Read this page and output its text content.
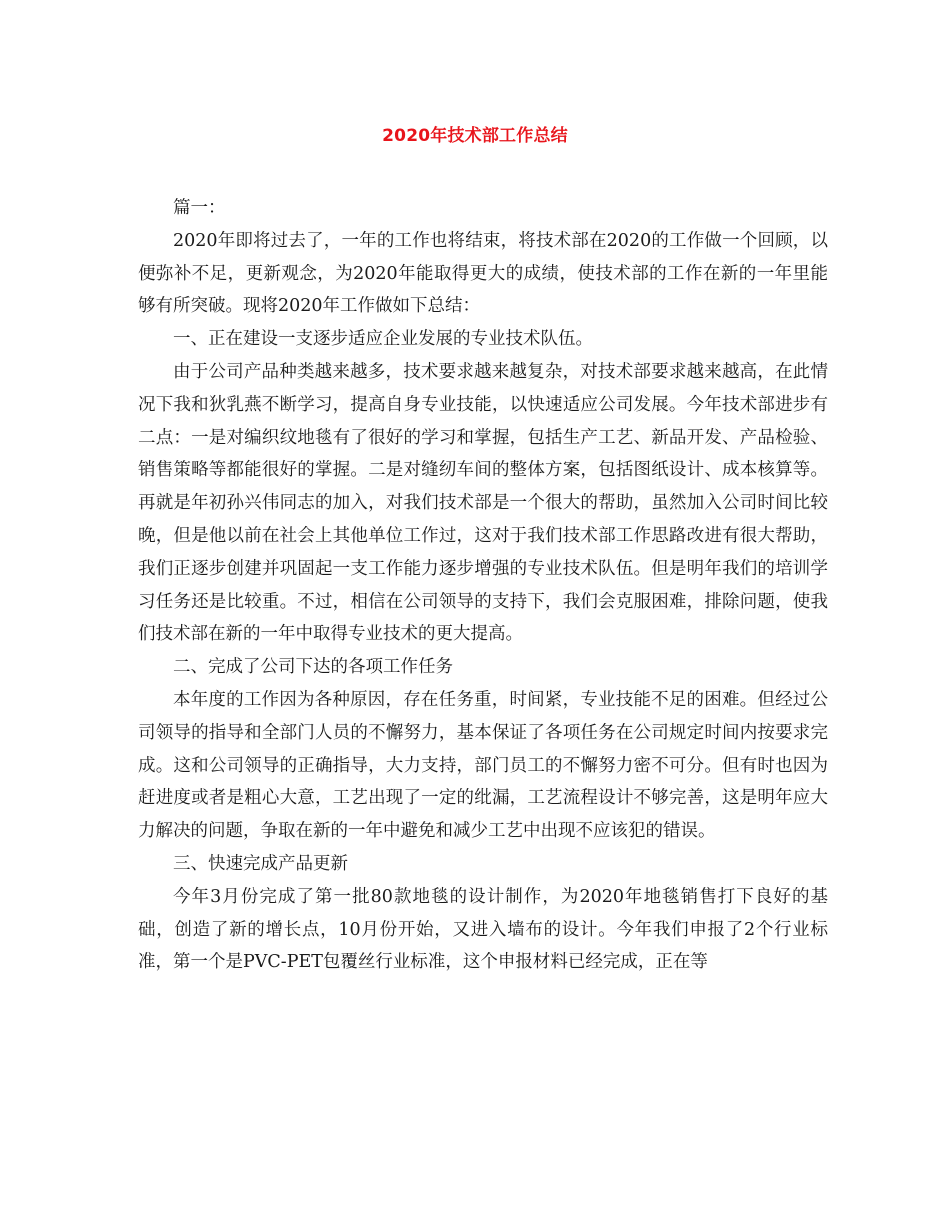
2020年技术部工作总结

篇一：

2020年即将过去了，一年的工作也将结束，将技术部在2020的工作做一个回顾，以便弥补不足，更新观念，为2020年能取得更大的成绩，使技术部的工作在新的一年里能够有所突破。现将2020年工作做如下总结：

一、正在建设一支逐步适应企业发展的专业技术队伍。

由于公司产品种类越来越多，技术要求越来越复杂，对技术部要求越来越高，在此情况下我和狄乳燕不断学习，提高自身专业技能，以快速适应公司发展。今年技术部进步有二点：一是对编织纹地毯有了很好的学习和掌握，包括生产工艺、新品开发、产品检验、销售策略等都能很好的掌握。二是对缝纫车间的整体方案，包括图纸设计、成本核算等。再就是年初孙兴伟同志的加入，对我们技术部是一个很大的帮助，虽然加入公司时间比较晚，但是他以前在社会上其他单位工作过，这对于我们技术部工作思路改进有很大帮助，我们正逐步创建并巩固起一支工作能力逐步增强的专业技术队伍。但是明年我们的培训学习任务还是比较重。不过，相信在公司领导的支持下，我们会克服困难，排除问题，使我们技术部在新的一年中取得专业技术的更大提高。

二、完成了公司下达的各项工作任务

本年度的工作因为各种原因，存在任务重，时间紧，专业技能不足的困难。但经过公司领导的指导和全部门人员的不懈努力，基本保证了各项任务在公司规定时间内按要求完成。这和公司领导的正确指导，大力支持，部门员工的不懈努力密不可分。但有时也因为赶进度或者是粗心大意，工艺出现了一定的纰漏，工艺流程设计不够完善，这是明年应大力解决的问题，争取在新的一年中避免和减少工艺中出现不应该犯的错误。

三、快速完成产品更新

今年3月份完成了第一批80款地毯的设计制作，为2020年地毯销售打下良好的基础，创造了新的增长点，10月份开始，又进入墙布的设计。今年我们申报了2个行业标准，第一个是PVC-PET包覆丝行业标准，这个申报材料已经完成，正在等
